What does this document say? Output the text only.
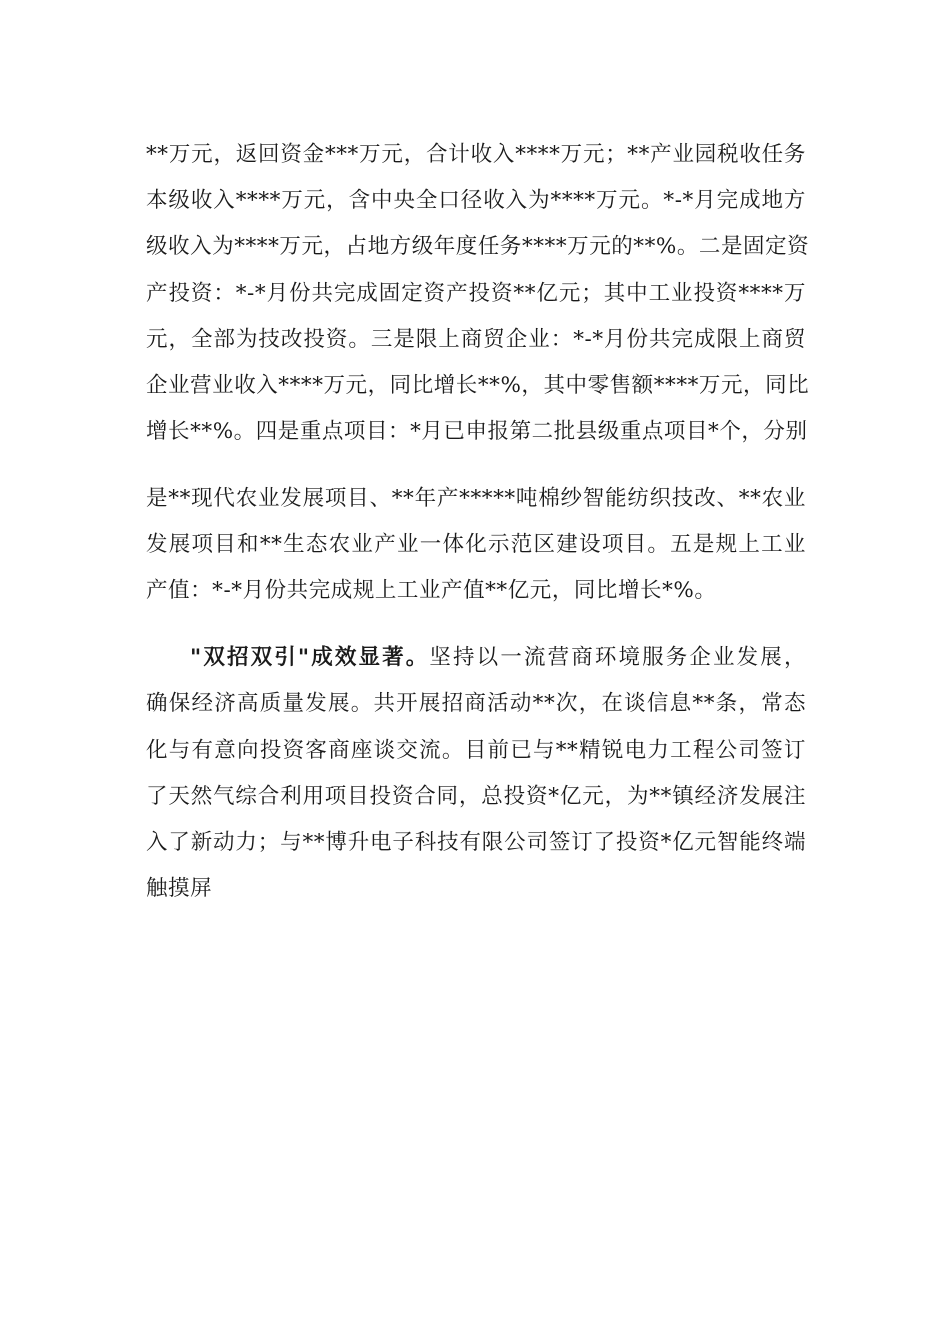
**万元，返回资金***万元，合计收入****万元；**产业园税收任务
本级收入****万元，含中央全口径收入为****万元。*-*月完成地方
级收入为****万元，占地方级年度任务****万元的**%。二是固定资
产投资：*-*月份共完成固定资产投资**亿元；其中工业投资****万
元，全部为技改投资。三是限上商贸企业：*-*月份共完成限上商贸
企业营业收入****万元，同比增长**%，其中零售额****万元，同比
增长**%。四是重点项目：*月已申报第二批县级重点项目*个，分别
是**现代农业发展项目、**年产*****吨棉纱智能纺织技改、**农业
发展项目和**生态农业产业一体化示范区建设项目。五是规上工业
产值：*-*月份共完成规上工业产值**亿元，同比增长*%。
"双招双引"成效显著。坚持以一流营商环境服务企业发展，
确保经济高质量发展。共开展招商活动**次，在谈信息**条，常态
化与有意向投资客商座谈交流。目前已与**精锐电力工程公司签订
了天然气综合利用项目投资合同，总投资*亿元，为**镇经济发展注
入了新动力；与**博升电子科技有限公司签订了投资*亿元智能终端
触摸屏
